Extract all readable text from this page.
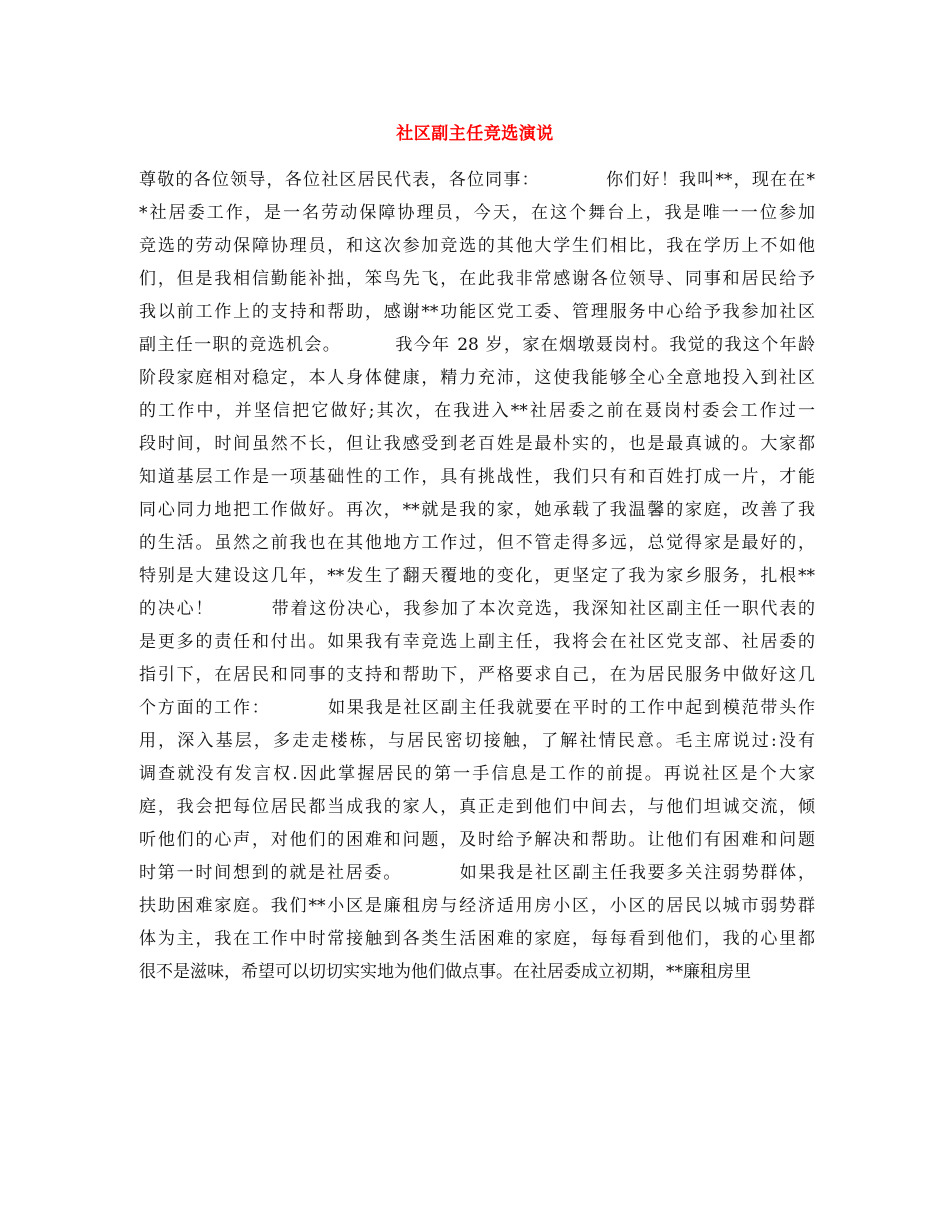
社区副主任竞选演说
尊敬的各位领导，各位社区居民代表，各位同事：          你们好！我叫**，现在在*
*社居委工作，是一名劳动保障协理员，今天，在这个舞台上，我是唯一一位参加
竞选的劳动保障协理员，和这次参加竞选的其他大学生们相比，我在学历上不如他
们，但是我相信勤能补拙，笨鸟先飞，在此我非常感谢各位领导、同事和居民给予
我以前工作上的支持和帮助，感谢**功能区党工委、管理服务中心给予我参加社区
副主任一职的竞选机会。        我今年 28 岁，家在烟墩聂岗村。我觉的我这个年龄
阶段家庭相对稳定，本人身体健康，精力充沛，这使我能够全心全意地投入到社区
的工作中，并坚信把它做好;其次，在我进入**社居委之前在聂岗村委会工作过一
段时间，时间虽然不长，但让我感受到老百姓是最朴实的，也是最真诚的。大家都
知道基层工作是一项基础性的工作，具有挑战性，我们只有和百姓打成一片，才能
同心同力地把工作做好。再次，**就是我的家，她承载了我温馨的家庭，改善了我
的生活。虽然之前我也在其他地方工作过，但不管走得多远，总觉得家是最好的，
特别是大建设这几年，**发生了翻天覆地的变化，更坚定了我为家乡服务，扎根**
的决心！        带着这份决心，我参加了本次竞选，我深知社区副主任一职代表的
是更多的责任和付出。如果我有幸竞选上副主任，我将会在社区党支部、社居委的
指引下，在居民和同事的支持和帮助下，严格要求自己，在为居民服务中做好这几
个方面的工作：        如果我是社区副主任我就要在平时的工作中起到模范带头作
用，深入基层，多走走楼栋，与居民密切接触，了解社情民意。毛主席说过:没有
调查就没有发言权.因此掌握居民的第一手信息是工作的前提。再说社区是个大家
庭，我会把每位居民都当成我的家人，真正走到他们中间去，与他们坦诚交流，倾
听他们的心声，对他们的困难和问题，及时给予解决和帮助。让他们有困难和问题
时第一时间想到的就是社居委。        如果我是社区副主任我要多关注弱势群体，
扶助困难家庭。我们**小区是廉租房与经济适用房小区，小区的居民以城市弱势群
体为主，我在工作中时常接触到各类生活困难的家庭，每每看到他们，我的心里都
很不是滋味，希望可以切切实实地为他们做点事。在社居委成立初期，**廉租房里
